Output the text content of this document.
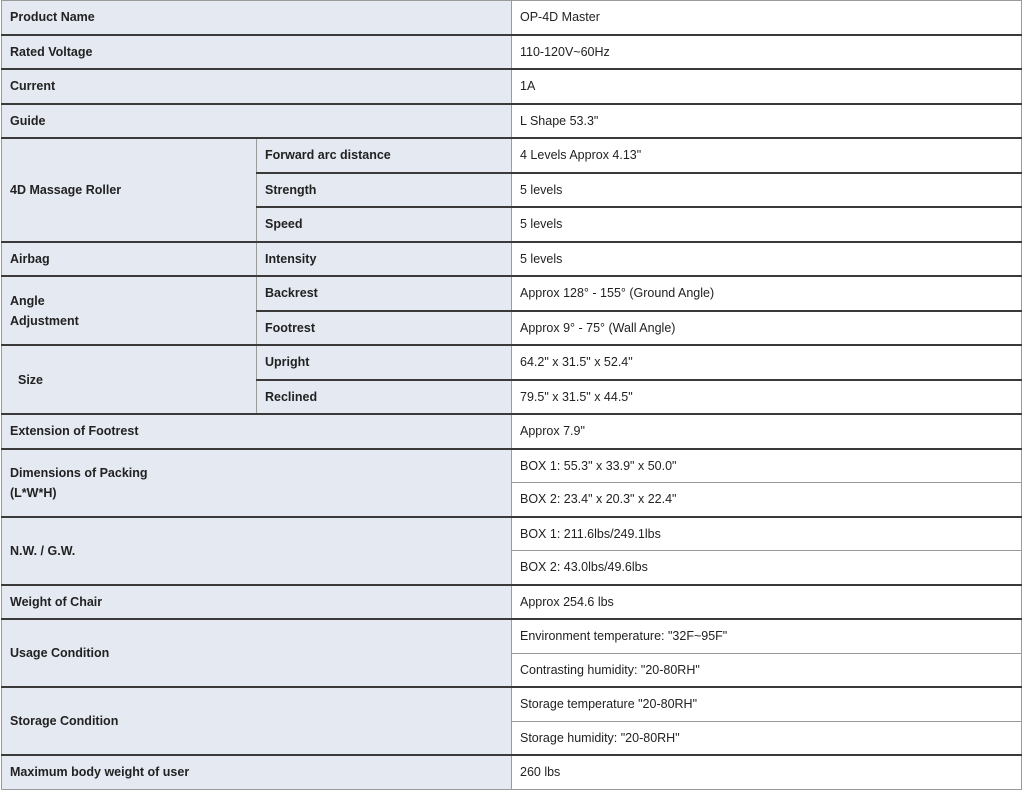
Product Name		OP-4D Master
Rated Voltage		110-120V~60Hz
Current		1A
Guide		L Shape 53.3"
4D Massage Roller	Forward arc distance	4 Levels Approx 4.13"
	Strength	5 levels
	Speed	5 levels
Airbag	Intensity	5 levels
Angle
Adjustment	Backrest	Approx 128° - 155° (Ground Angle)
	Footrest	Approx 9° - 75° (Wall Angle)
Size	Upright	64.2" x 31.5" x 52.4"
	Reclined	79.5" x 31.5" x 44.5"
Extension of Footrest		Approx 7.9"
Dimensions of Packing
(L*W*H)		BOX 1: 55.3" x 33.9" x 50.0"
		BOX 2: 23.4" x 20.3" x 22.4"
N.W. / G.W.		BOX 1: 211.6lbs/249.1lbs
		BOX 2: 43.0lbs/49.6lbs
Weight of Chair		Approx 254.6 lbs
Usage Condition		Environment temperature: "32F~95F"
		Contrasting humidity: "20-80RH"
Storage Condition		Storage temperature "20-80RH"
		Storage humidity: "20-80RH"
Maximum body weight of user		260 lbs
